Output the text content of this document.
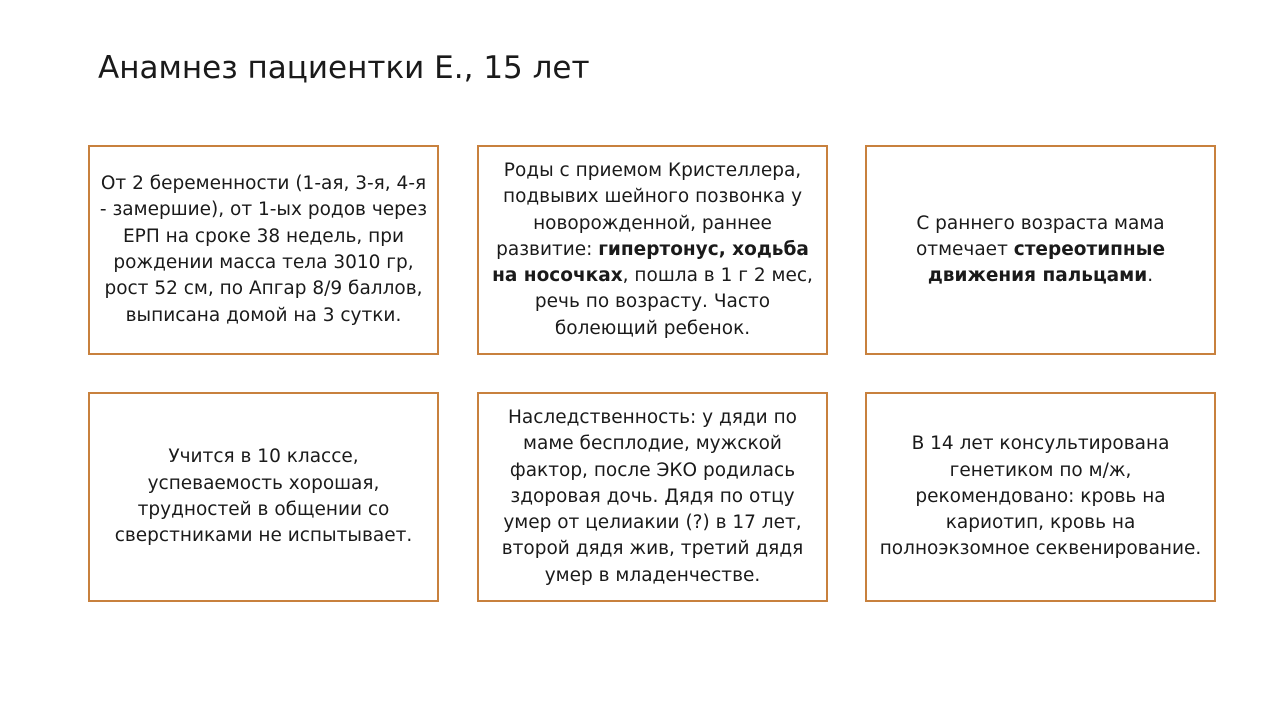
Анамнез пациентки Е., 15 лет
От 2 беременности (1-ая, 3-я, 4-я - замершие), от 1-ых родов через ЕРП на сроке 38 недель, при рождении масса тела 3010 гр, рост 52 см, по Апгар 8/9 баллов, выписана домой на 3 сутки.
Роды с приемом Кристеллера, подвывих шейного позвонка у новорожденной, раннее развитие: гипертонус, ходьба на носочках, пошла в 1 г 2 мес, речь по возрасту. Часто болеющий ребенок.
С раннего возраста мама отмечает стереотипные движения пальцами.
Учится в 10 классе, успеваемость хорошая, трудностей в общении со сверстниками не испытывает.
Наследственность: у дяди по маме бесплодие, мужской фактор, после ЭКО родилась здоровая дочь. Дядя по отцу умер от целиакии (?) в 17 лет, второй дядя жив, третий дядя умер в младенчестве.
В 14 лет консультирована генетиком по м/ж, рекомендовано: кровь на кариотип, кровь на полноэкзомное секвенирование.
